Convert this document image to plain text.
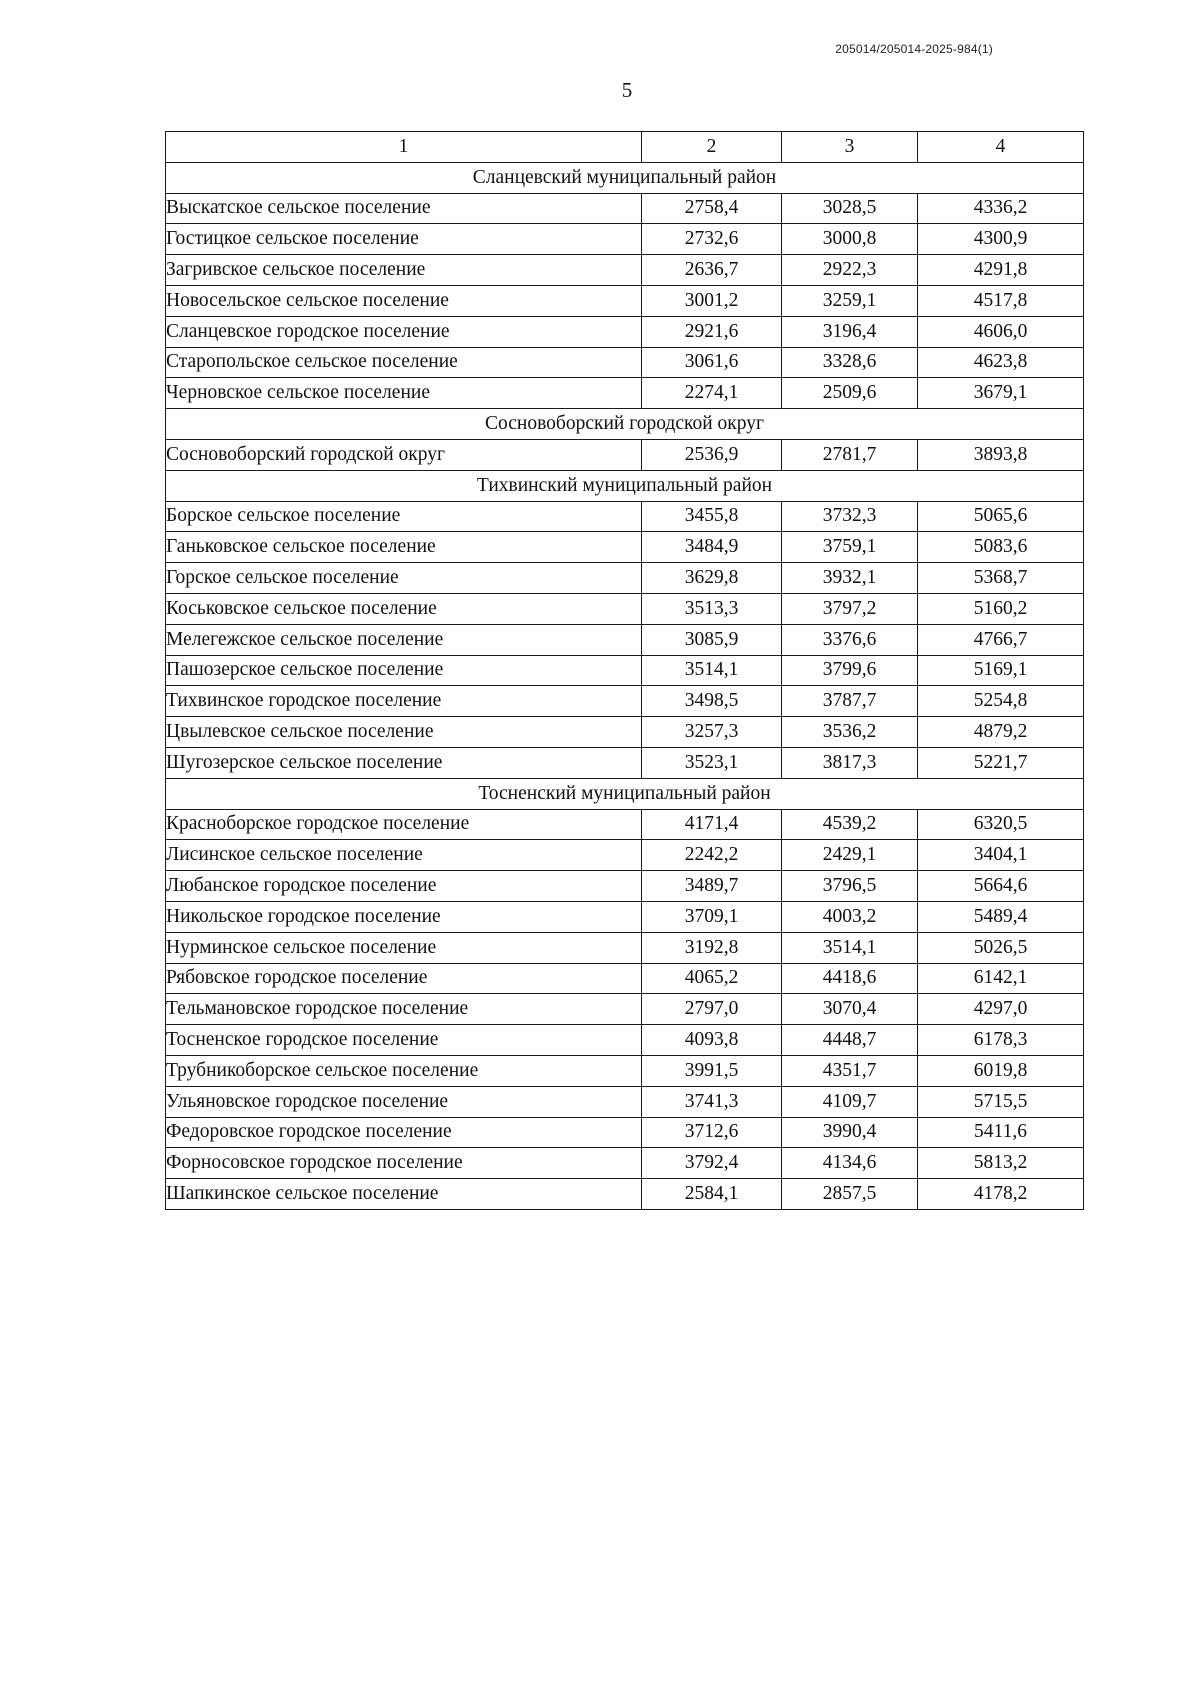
205014/205014-2025-984(1)
5
1	2	3	4
Сланцевский муниципальный район			
Выскатское сельское поселение	2758,4	3028,5	4336,2
Гостицкое сельское поселение	2732,6	3000,8	4300,9
Загривское сельское поселение	2636,7	2922,3	4291,8
Новосельское сельское поселение	3001,2	3259,1	4517,8
Сланцевское городское поселение	2921,6	3196,4	4606,0
Старопольское сельское поселение	3061,6	3328,6	4623,8
Черновское сельское поселение	2274,1	2509,6	3679,1
Сосновоборский городской округ			
Сосновоборский городской округ	2536,9	2781,7	3893,8
Тихвинский муниципальный район			
Борское сельское поселение	3455,8	3732,3	5065,6
Ганьковское сельское поселение	3484,9	3759,1	5083,6
Горское сельское поселение	3629,8	3932,1	5368,7
Коськовское сельское поселение	3513,3	3797,2	5160,2
Мелегежское сельское поселение	3085,9	3376,6	4766,7
Пашозерское сельское поселение	3514,1	3799,6	5169,1
Тихвинское городское поселение	3498,5	3787,7	5254,8
Цвылевское сельское поселение	3257,3	3536,2	4879,2
Шугозерское сельское поселение	3523,1	3817,3	5221,7
Тосненский муниципальный район			
Красноборское городское поселение	4171,4	4539,2	6320,5
Лисинское сельское поселение	2242,2	2429,1	3404,1
Любанское городское поселение	3489,7	3796,5	5664,6
Никольское городское поселение	3709,1	4003,2	5489,4
Нурминское сельское поселение	3192,8	3514,1	5026,5
Рябовское городское поселение	4065,2	4418,6	6142,1
Тельмановское городское поселение	2797,0	3070,4	4297,0
Тосненское городское поселение	4093,8	4448,7	6178,3
Трубникоборское сельское поселение	3991,5	4351,7	6019,8
Ульяновское городское поселение	3741,3	4109,7	5715,5
Федоровское городское поселение	3712,6	3990,4	5411,6
Форносовское городское поселение	3792,4	4134,6	5813,2
Шапкинское сельское поселение	2584,1	2857,5	4178,2
